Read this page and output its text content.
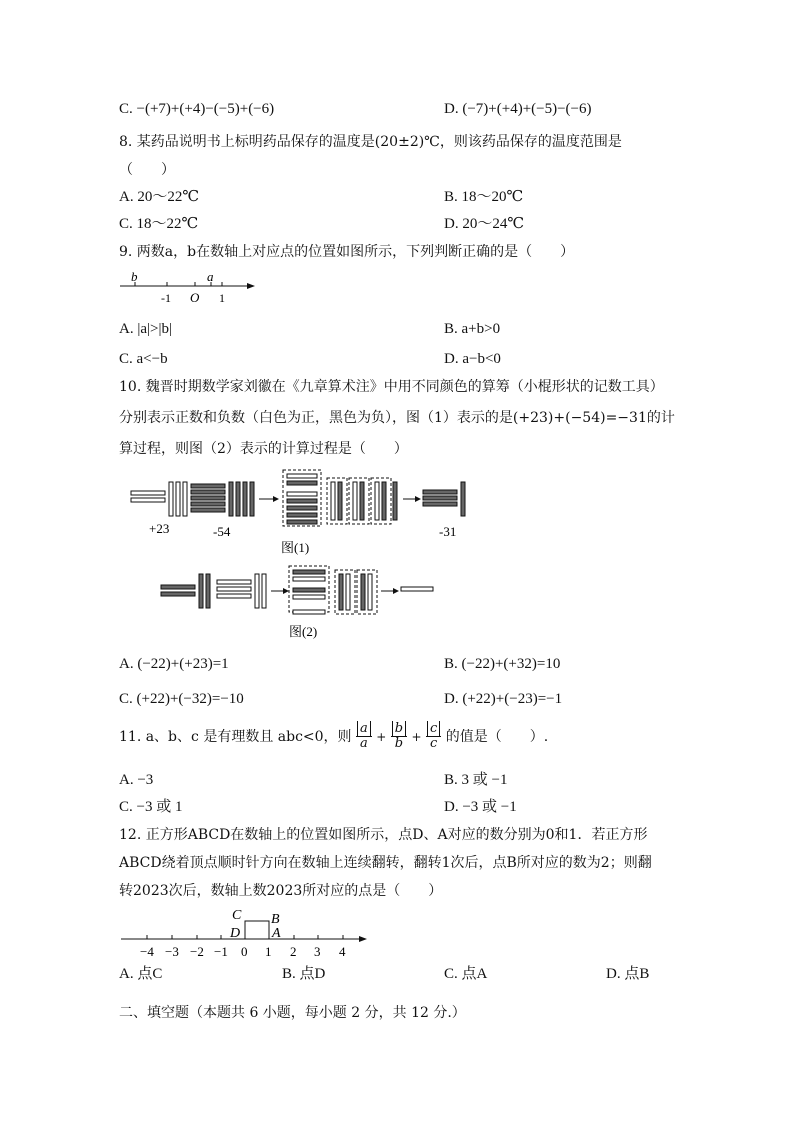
C. −(+7)+(+4)−(−5)+(−6)	D. (−7)+(+4)+(−5)−(−6)
8. 某药品说明书上标明药品保存的温度是(20±2)℃，则该药品保存的温度范围是
（　　）
A. 20～22℃	B. 18～20℃
C. 18～22℃	D. 20～24℃
9. 两数a，b在数轴上对应点的位置如图所示，下列判断正确的是（　　）
b	a
-1 O 1
A. |a|>|b|	B. a+b>0
C. a<−b	D. a−b<0
10. 魏晋时期数学家刘徽在《九章算术注》中用不同颜色的算筹（小棍形状的记数工具）
分别表示正数和负数（白色为正，黑色为负），图（1）表示的是(+23)+(−54)=−31的计
算过程，则图（2）表示的计算过程是（　　）
+23	-54	-31
图(1)
图(2)
A. (−22)+(+23)=1	B. (−22)+(+32)=10
C. (+22)+(−32)=−10	D. (+22)+(−23)=−1
11. a、b、c 是有理数且 abc<0，则 $\frac{a}{a} + \frac{b}{b} + \frac{c}{c}$ 的值是（　　）.
A. −3	B. 3 或 −1
C. −3 或 1	D. −3 或 −1
12. 正方形ABCD在数轴上的位置如图所示，点D、A对应的数分别为0和1．若正方形
ABCD绕着顶点顺时针方向在数轴上连续翻转，翻转1次后，点B所对应的数为2；则翻
转2023次后，数轴上数2023所对应的点是（　　）
C B
D A
−4 −3 −2 −1 0 1 2 3 4
A. 点C	B. 点D	C. 点A	D. 点B
二、填空题（本题共 6 小题，每小题 2 分，共 12 分.）
